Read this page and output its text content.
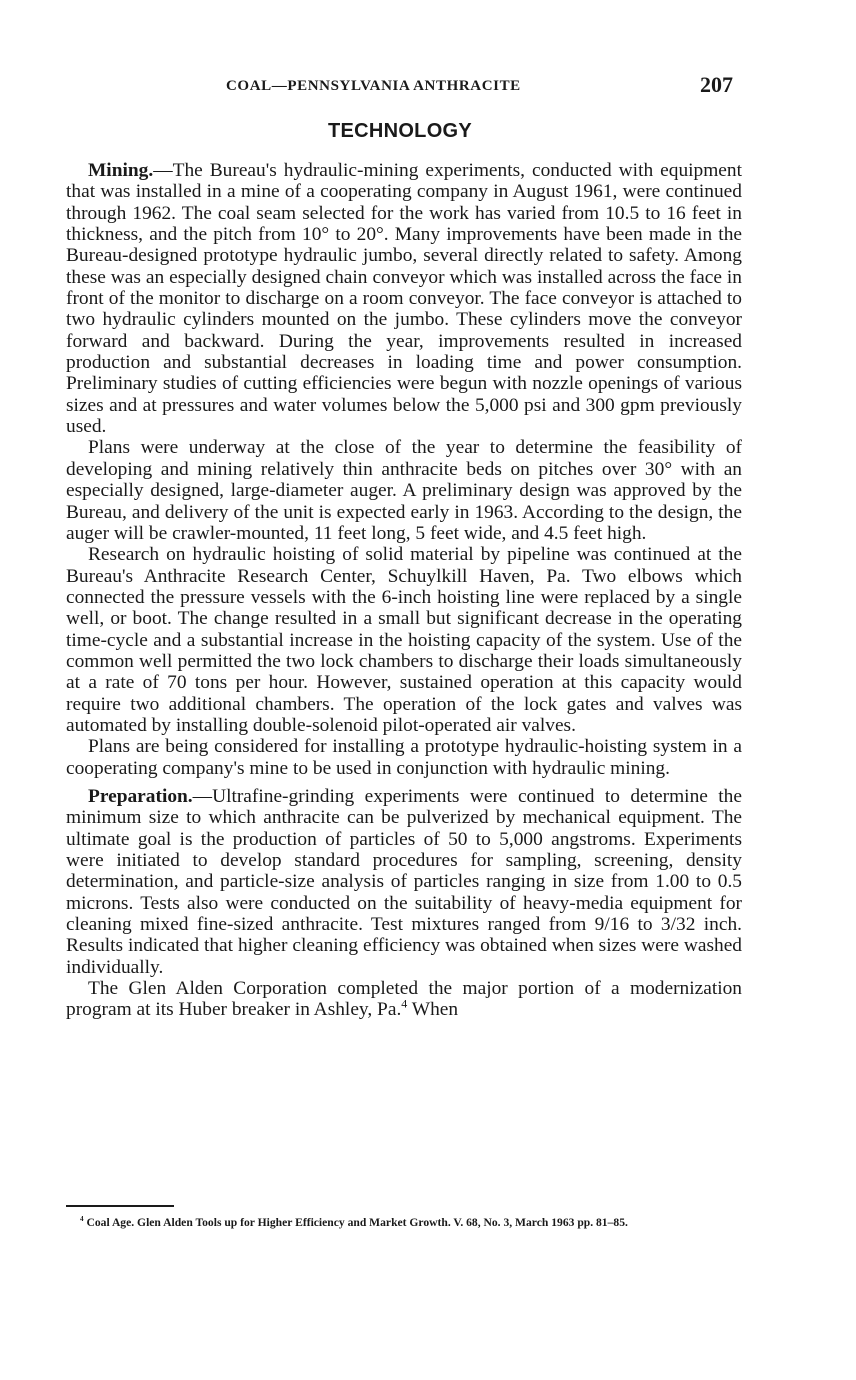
COAL—PENNSYLVANIA ANTHRACITE	207
TECHNOLOGY

Mining.—The Bureau's hydraulic-mining experiments, conducted with equipment that was installed in a mine of a cooperating company in August 1961, were continued through 1962. The coal seam selected for the work has varied from 10.5 to 16 feet in thickness, and the pitch from 10° to 20°. Many improvements have been made in the Bureau-designed prototype hydraulic jumbo, several directly related to safety. Among these was an especially designed chain conveyor which was installed across the face in front of the monitor to discharge on a room conveyor. The face conveyor is attached to two hydraulic cylinders mounted on the jumbo. These cylinders move the conveyor forward and backward. During the year, improvements resulted in increased production and substantial decreases in loading time and power consumption. Preliminary studies of cutting efficiencies were begun with nozzle openings of various sizes and at pressures and water volumes below the 5,000 psi and 300 gpm previously used.

Plans were underway at the close of the year to determine the feasibility of developing and mining relatively thin anthracite beds on pitches over 30° with an especially designed, large-diameter auger. A preliminary design was approved by the Bureau, and delivery of the unit is expected early in 1963. According to the design, the auger will be crawler-mounted, 11 feet long, 5 feet wide, and 4.5 feet high.

Research on hydraulic hoisting of solid material by pipeline was continued at the Bureau's Anthracite Research Center, Schuylkill Haven, Pa. Two elbows which connected the pressure vessels with the 6-inch hoisting line were replaced by a single well, or boot. The change resulted in a small but significant decrease in the operating time-cycle and a substantial increase in the hoisting capacity of the system. Use of the common well permitted the two lock chambers to discharge their loads simultaneously at a rate of 70 tons per hour. However, sustained operation at this capacity would require two additional chambers. The operation of the lock gates and valves was automated by installing double-solenoid pilot-operated air valves.

Plans are being considered for installing a prototype hydraulic-hoisting system in a cooperating company's mine to be used in conjunction with hydraulic mining.

Preparation.—Ultrafine-grinding experiments were continued to determine the minimum size to which anthracite can be pulverized by mechanical equipment. The ultimate goal is the production of particles of 50 to 5,000 angstroms. Experiments were initiated to develop standard procedures for sampling, screening, density determination, and particle-size analysis of particles ranging in size from 1.00 to 0.5 microns. Tests also were conducted on the suitability of heavy-media equipment for cleaning mixed fine-sized anthracite. Test mixtures ranged from 9/16 to 3/32 inch. Results indicated that higher cleaning efficiency was obtained when sizes were washed individually.

The Glen Alden Corporation completed the major portion of a modernization program at its Huber breaker in Ashley, Pa.$^4$ When

$^4$ Coal Age. Glen Alden Tools up for Higher Efficiency and Market Growth. V. 68, No. 3, March 1963 pp. 81–85.
